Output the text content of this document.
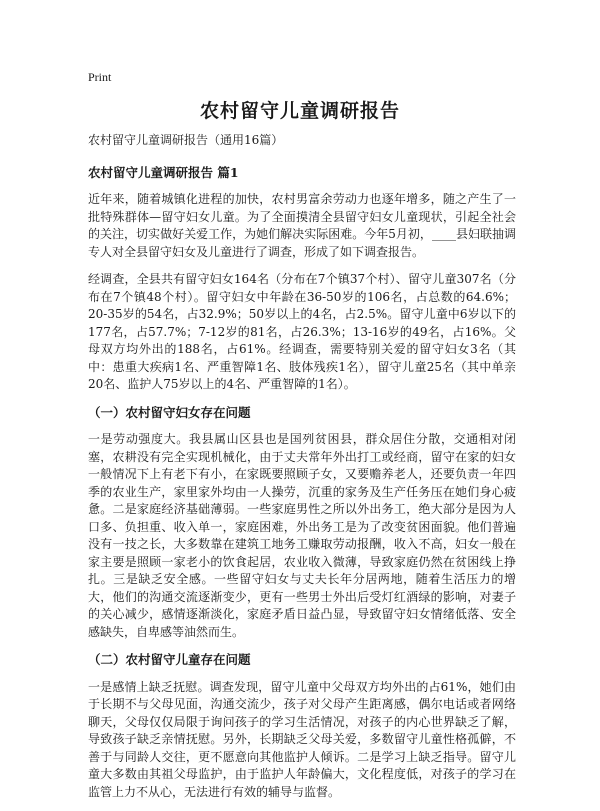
Print
农村留守儿童调研报告

农村留守儿童调研报告（通用16篇）

农村留守儿童调研报告 篇1

近年来，随着城镇化进程的加快，农村男富余劳动力也逐年增多，随之产生了一批特殊群体—留守妇女儿童。为了全面摸清全县留守妇女儿童现状，引起全社会的关注，切实做好关爱工作，为她们解决实际困难。今年5月初，____县妇联抽调专人对全县留守妇女及儿童进行了调查，形成了如下调查报告。

经调查，全县共有留守妇女164名（分布在7个镇37个村）、留守儿童307名（分布在7个镇48个村）。留守妇女中年龄在36-50岁的106名，占总数的64.6%；20-35岁的54名，占32.9%；50岁以上的4名，占2.5%。留守儿童中6岁以下的177名，占57.7%；7-12岁的81名，占26.3%；13-16岁的49名，占16%。父母双方均外出的188名，占61%。经调查，需要特别关爱的留守妇女3名（其中：患重大疾病1名、严重智障1名、肢体残疾1名），留守儿童25名（其中单亲20名、监护人75岁以上的4名、严重智障的1名）。

（一）农村留守妇女存在问题

一是劳动强度大。我县属山区县也是国列贫困县，群众居住分散，交通相对闭塞，农耕没有完全实现机械化，由于丈夫常年外出打工或经商，留守在家的妇女一般情况下上有老下有小，在家既要照顾子女，又要赡养老人，还要负责一年四季的农业生产，家里家外均由一人操劳，沉重的家务及生产任务压在她们身心疲惫。二是家庭经济基础薄弱。一些家庭男性之所以外出务工，绝大部分是因为人口多、负担重、收入单一，家庭困难，外出务工是为了改变贫困面貌。他们普遍没有一技之长，大多数靠在建筑工地务工赚取劳动报酬，收入不高，妇女一般在家主要是照顾一家老小的饮食起居，农业收入微薄，导致家庭仍然在贫困线上挣扎。三是缺乏安全感。一些留守妇女与丈夫长年分居两地，随着生活压力的增大，他们的沟通交流逐渐变少，更有一些男士外出后受灯红酒绿的影响，对妻子的关心减少，感情逐渐淡化，家庭矛盾日益凸显，导致留守妇女情绪低落、安全感缺失，自卑感等油然而生。

（二）农村留守儿童存在问题

一是感情上缺乏抚慰。调查发现，留守儿童中父母双方均外出的占61%，她们由于长期不与父母见面，沟通交流少，孩子对父母产生距离感，偶尔电话或者网络聊天，父母仅仅局限于询问孩子的学习生活情况，对孩子的内心世界缺乏了解，导致孩子缺乏亲情抚慰。另外，长期缺乏父母关爱，多数留守儿童性格孤僻，不善于与同龄人交往，更不愿意向其他监护人倾诉。二是学习上缺乏指导。留守儿童大多数由其祖父母监护，由于监护人年龄偏大，文化程度低，对孩子的学习在监管上力不从心，无法进行有效的辅导与监督。
